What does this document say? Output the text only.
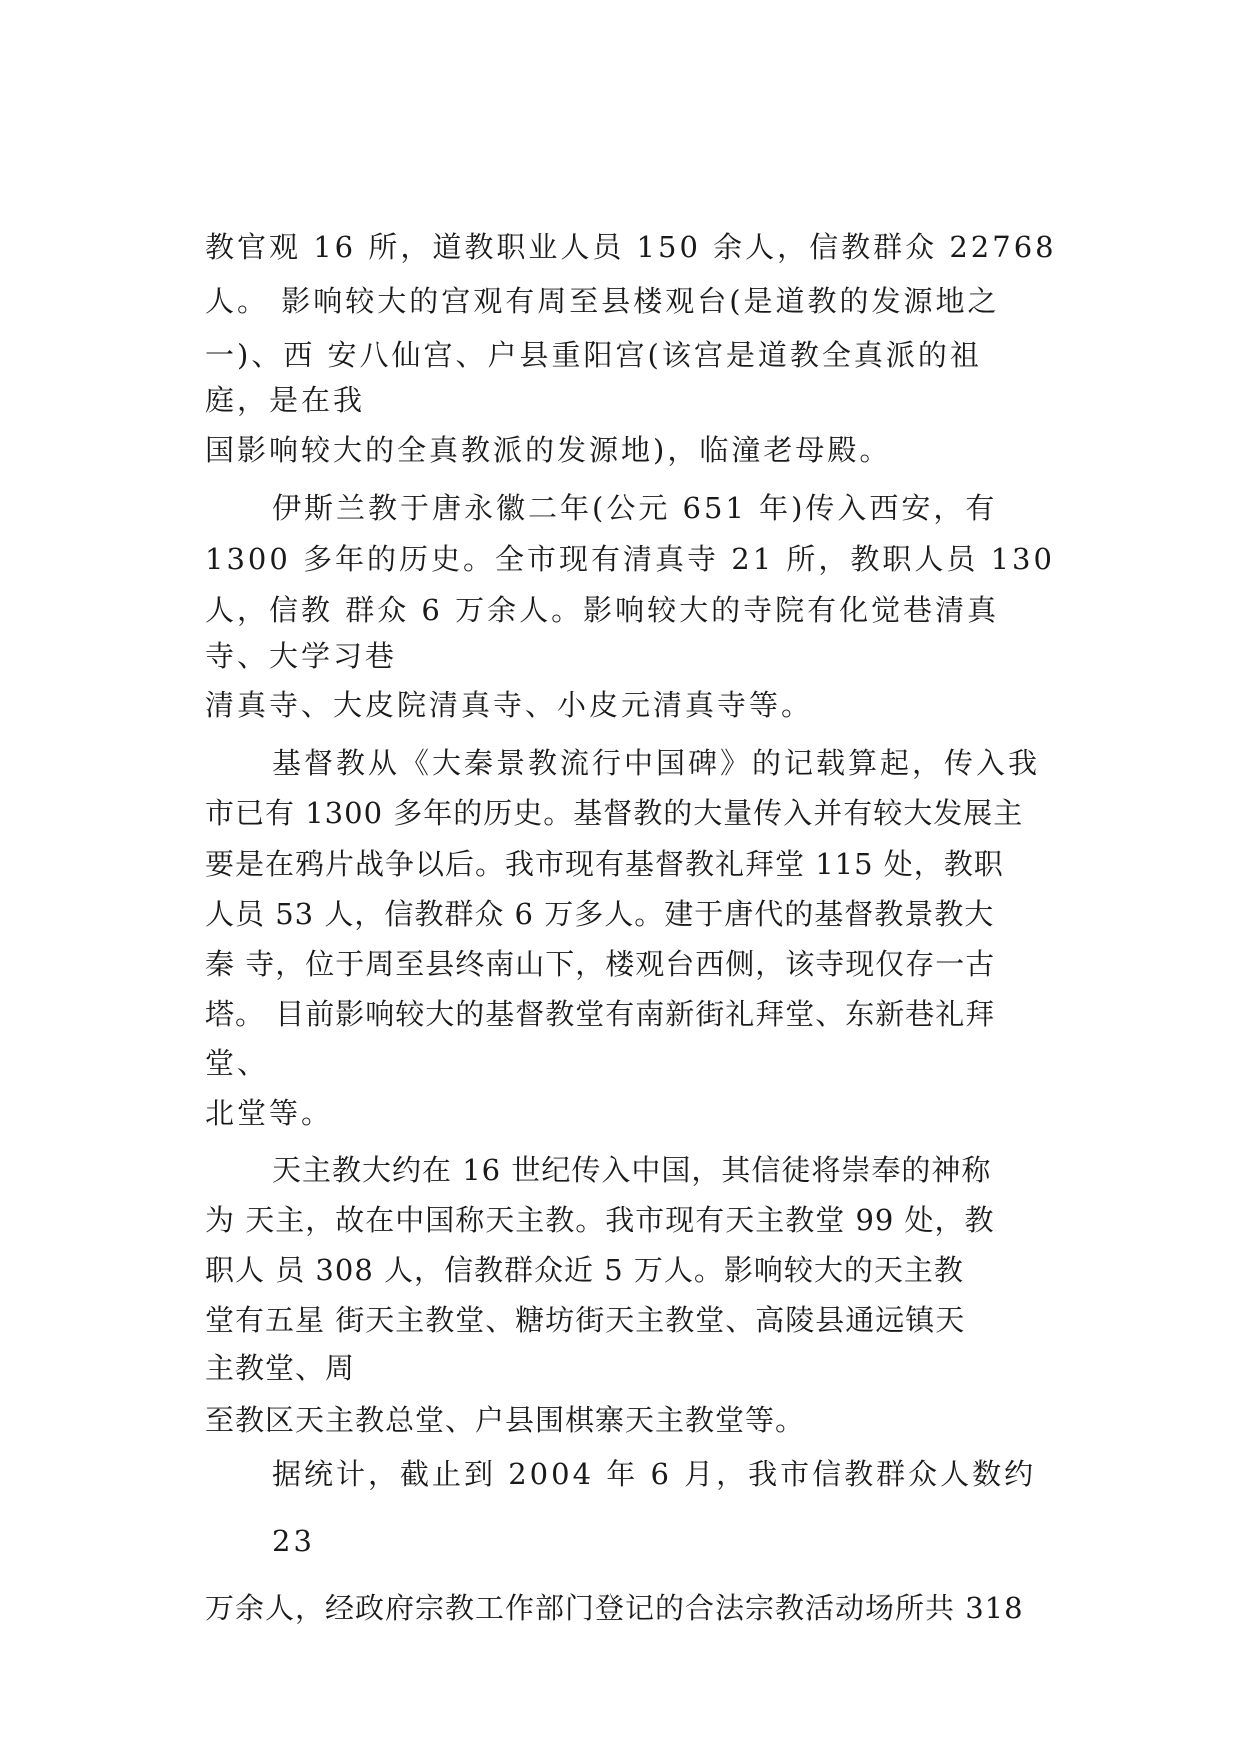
教官观 16 所，道教职业人员 150 余人，信教群众 22768
人。 影响较大的宫观有周至县楼观台(是道教的发源地之
一)、西 安八仙宫、户县重阳宫(该宫是道教全真派的祖
庭，是在我
国影响较大的全真教派的发源地)，临潼老母殿。
伊斯兰教于唐永徽二年(公元 651 年)传入西安，有
1300 多年的历史。全市现有清真寺 21 所，教职人员 130
人，信教 群众 6 万余人。影响较大的寺院有化觉巷清真
寺、大学习巷
清真寺、大皮院清真寺、小皮元清真寺等。
基督教从《大秦景教流行中国碑》的记载算起，传入我
市已有 1300 多年的历史。基督教的大量传入并有较大发展主
要是在鸦片战争以后。我市现有基督教礼拜堂 115 处，教职
人员 53 人，信教群众 6 万多人。建于唐代的基督教景教大
秦 寺，位于周至县终南山下，楼观台西侧，该寺现仅存一古
塔。 目前影响较大的基督教堂有南新街礼拜堂、东新巷礼拜
堂、
北堂等。
天主教大约在 16 世纪传入中国，其信徒将崇奉的神称
为 天主，故在中国称天主教。我市现有天主教堂 99 处，教
职人 员 308 人，信教群众近 5 万人。影响较大的天主教
堂有五星 街天主教堂、糖坊街天主教堂、高陵县通远镇天
主教堂、周
至教区天主教总堂、户县围棋寨天主教堂等。
据统计，截止到 2004 年 6 月，我市信教群众人数约
23
万余人，经政府宗教工作部门登记的合法宗教活动场所共 318
